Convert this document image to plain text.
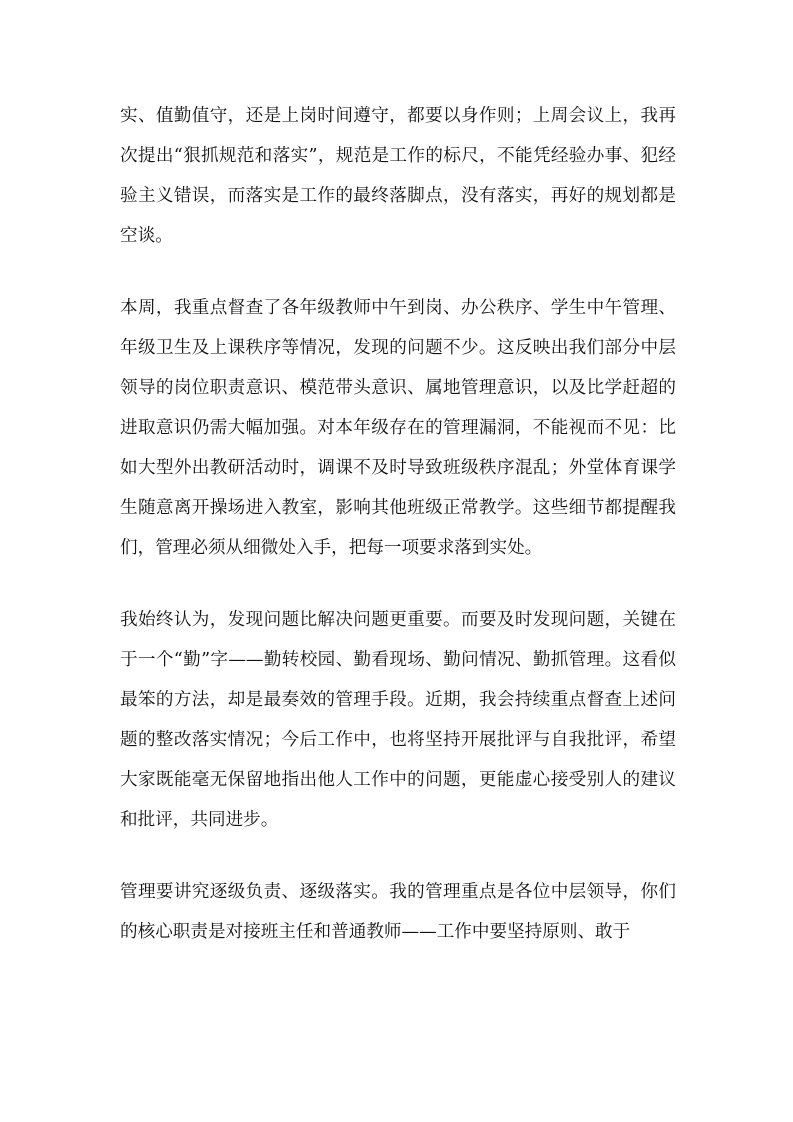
实、值勤值守，还是上岗时间遵守，都要以身作则；上周会议上，我再次提出“狠抓规范和落实”，规范是工作的标尺，不能凭经验办事、犯经验主义错误，而落实是工作的最终落脚点，没有落实，再好的规划都是空谈。

本周，我重点督查了各年级教师中午到岗、办公秩序、学生中午管理、年级卫生及上课秩序等情况，发现的问题不少。这反映出我们部分中层领导的岗位职责意识、模范带头意识、属地管理意识，以及比学赶超的进取意识仍需大幅加强。对本年级存在的管理漏洞，不能视而不见：比如大型外出教研活动时，调课不及时导致班级秩序混乱；外堂体育课学生随意离开操场进入教室，影响其他班级正常教学。这些细节都提醒我们，管理必须从细微处入手，把每一项要求落到实处。

我始终认为，发现问题比解决问题更重要。而要及时发现问题，关键在于一个“勤”字——勤转校园、勤看现场、勤问情况、勤抓管理。这看似最笨的方法，却是最奏效的管理手段。近期，我会持续重点督查上述问题的整改落实情况；今后工作中，也将坚持开展批评与自我批评，希望大家既能毫无保留地指出他人工作中的问题，更能虚心接受别人的建议和批评，共同进步。

管理要讲究逐级负责、逐级落实。我的管理重点是各位中层领导，你们的核心职责是对接班主任和普通教师——工作中要坚持原则、敢于
